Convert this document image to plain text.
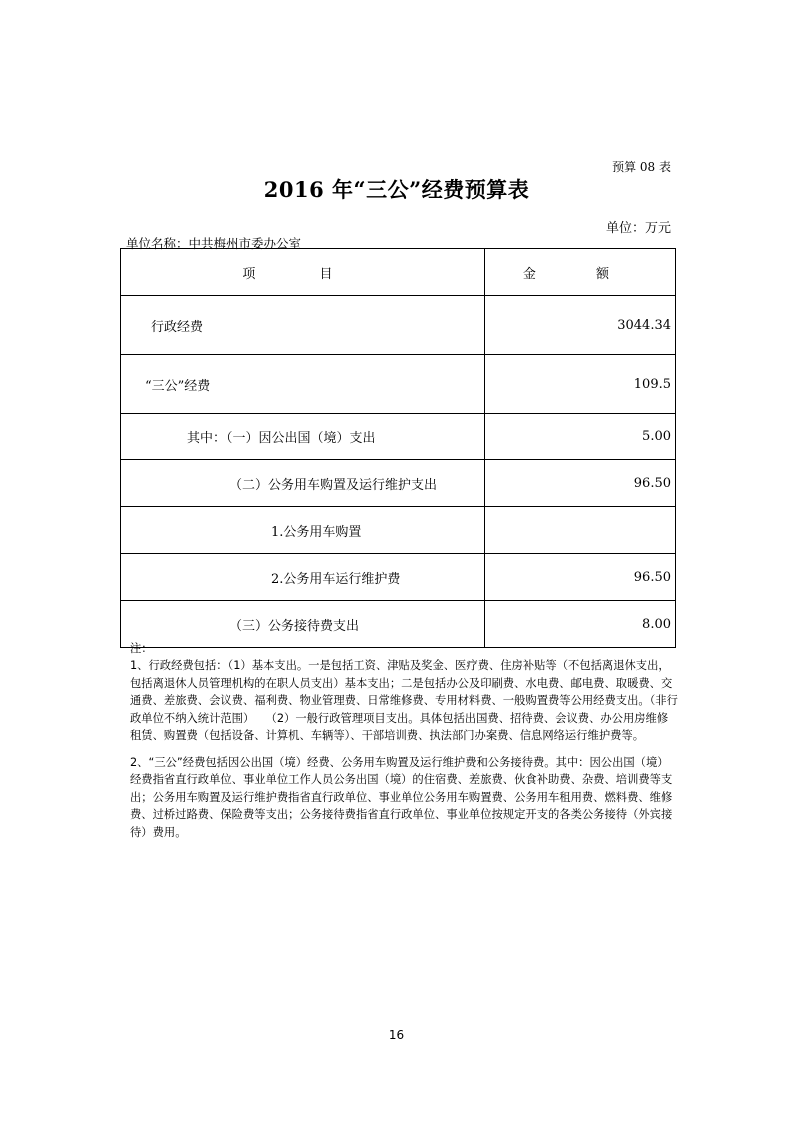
预算 08 表
2016 年“三公”经费预算表
单位：万元
单位名称：中共梅州市委办公室
项 目	金 额
行政经费	3044.34
“三公”经费	109.5
其中：（一）因公出国（境）支出	5.00
（二）公务用车购置及运行维护支出	96.50
1.公务用车购置	
2.公务用车运行维护费	96.50
（三）公务接待费支出	8.00
注：
1、行政经费包括：（1）基本支出。一是包括工资、津贴及奖金、医疗费、住房补贴等（不包括离退休支出，包括离退休人员管理机构的在职人员支出）基本支出；二是包括办公及印刷费、水电费、邮电费、取暖费、交通费、差旅费、会议费、福利费、物业管理费、日常维修费、专用材料费、一般购置费等公用经费支出。（非行政单位不纳入统计范围）　　（2）一般行政管理项目支出。具体包括出国费、招待费、会议费、办公用房维修租赁、购置费（包括设备、计算机、车辆等）、干部培训费、执法部门办案费、信息网络运行维护费等。
2、“三公”经费包括因公出国（境）经费、公务用车购置及运行维护费和公务接待费。其中：因公出国（境）经费指省直行政单位、事业单位工作人员公务出国（境）的住宿费、差旅费、伙食补助费、杂费、培训费等支出；公务用车购置及运行维护费指省直行政单位、事业单位公务用车购置费、公务用车租用费、燃料费、维修费、过桥过路费、保险费等支出；公务接待费指省直行政单位、事业单位按规定开支的各类公务接待（外宾接待）费用。
16
